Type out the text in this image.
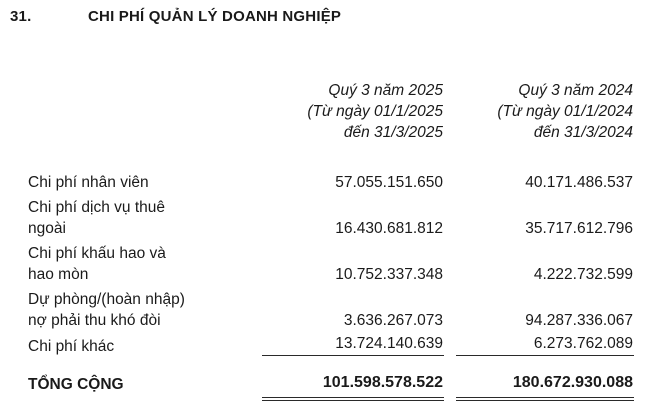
31.	CHI PHÍ QUẢN LÝ DOANH NGHIỆP
Quý 3 năm 2025
(Từ ngày 01/1/2025
đến 31/3/2025
Quý 3 năm 2024
(Từ ngày 01/1/2024
đến 31/3/2024
Chi phí nhân viên	57.055.151.650	40.171.486.537
Chi phí dịch vụ thuê
ngoài	16.430.681.812	35.717.612.796
Chi phí khấu hao và
hao mòn	10.752.337.348	4.222.732.599
Dự phòng/(hoàn nhập)
nợ phải thu khó đòi	3.636.267.073	94.287.336.067
Chi phí khác	13.724.140.639	6.273.762.089
TỔNG CỘNG	101.598.578.522	180.672.930.088
